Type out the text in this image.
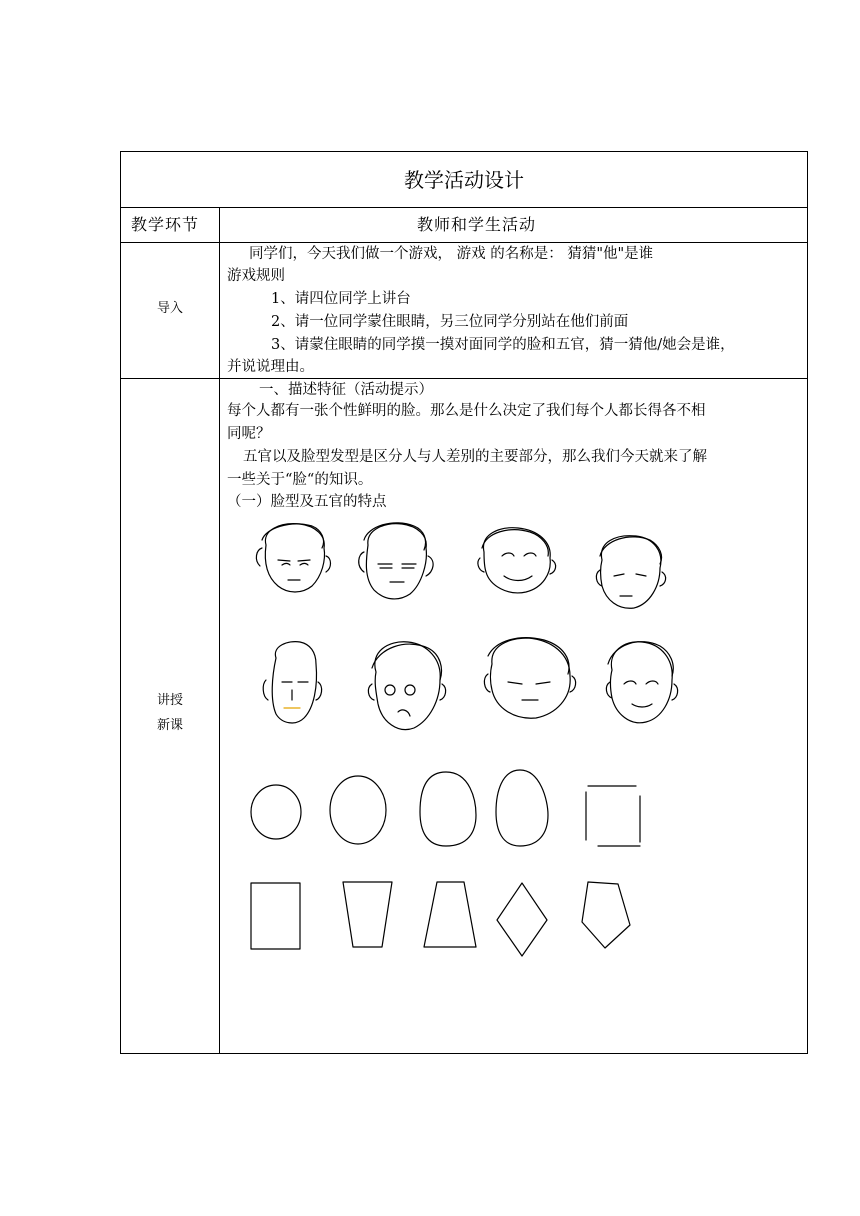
教学活动设计
教学环节	教师和学生活动
导入
同学们，今天我们做一个游戏， 游戏 的名称是： 猜猜"他"是谁
游戏规则
1、请四位同学上讲台
2、请一位同学蒙住眼睛，另三位同学分别站在他们前面
3、请蒙住眼睛的同学摸一摸对面同学的脸和五官，猜一猜他/她会是谁，
并说说理由。
讲授
新课
一、描述特征（活动提示）
每个人都有一张个性鲜明的脸。那么是什么决定了我们每个人都长得各不相
同呢？
五官以及脸型发型是区分人与人差别的主要部分，那么我们今天就来了解
一些关于“脸“的知识。
（一）脸型及五官的特点
